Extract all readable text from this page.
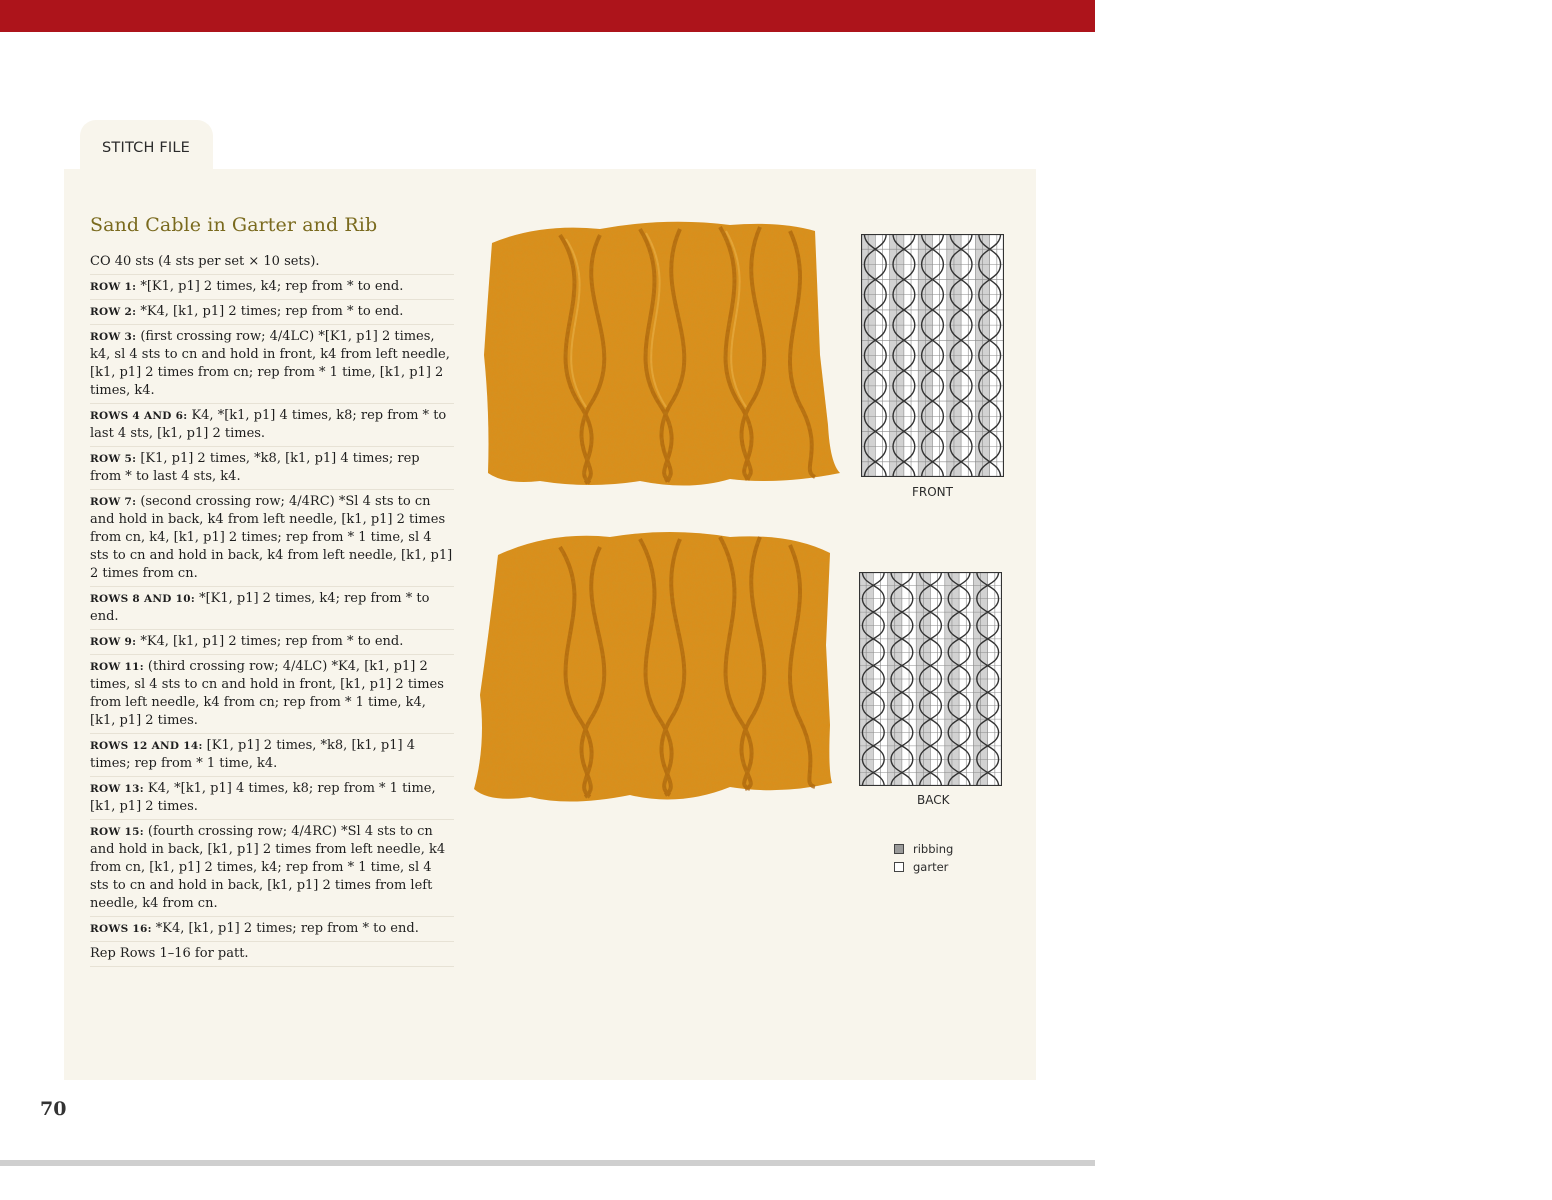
STITCH FILE
Sand Cable in Garter and Rib
CO 40 sts (4 sts per set × 10 sets).
ROW 1: *[K1, p1] 2 times, k4; rep from * to end.
ROW 2: *K4, [k1, p1] 2 times; rep from * to end.
ROW 3: (first crossing row; 4/4LC) *[K1, p1] 2 times, k4, sl 4 sts to cn and hold in front, k4 from left needle, [k1, p1] 2 times from cn; rep from * 1 time, [k1, p1] 2 times, k4.
ROWS 4 AND 6: K4, *[k1, p1] 4 times, k8; rep from * to last 4 sts, [k1, p1] 2 times.
ROW 5: [K1, p1] 2 times, *k8, [k1, p1] 4 times; rep from * to last 4 sts, k4.
ROW 7: (second crossing row; 4/4RC) *Sl 4 sts to cn and hold in back, k4 from left needle, [k1, p1] 2 times from cn, k4, [k1, p1] 2 times; rep from * 1 time, sl 4 sts to cn and hold in back, k4 from left needle, [k1, p1] 2 times from cn.
ROWS 8 AND 10: *[K1, p1] 2 times, k4; rep from * to end.
ROW 9: *K4, [k1, p1] 2 times; rep from * to end.
ROW 11: (third crossing row; 4/4LC) *K4, [k1, p1] 2 times, sl 4 sts to cn and hold in front, [k1, p1] 2 times from left needle, k4 from cn; rep from * 1 time, k4, [k1, p1] 2 times.
ROWS 12 AND 14: [K1, p1] 2 times, *k8, [k1, p1] 4 times; rep from * 1 time, k4.
ROW 13: K4, *[k1, p1] 4 times, k8; rep from * 1 time, [k1, p1] 2 times.
ROW 15: (fourth crossing row; 4/4RC) *Sl 4 sts to cn and hold in back, [k1, p1] 2 times from left needle, k4 from cn, [k1, p1] 2 times, k4; rep from * 1 time, sl 4 sts to cn and hold in back, [k1, p1] 2 times from left needle, k4 from cn.
ROWS 16: *K4, [k1, p1] 2 times; rep from * to end.
Rep Rows 1–16 for patt.
FRONT
BACK
ribbing
garter
70
